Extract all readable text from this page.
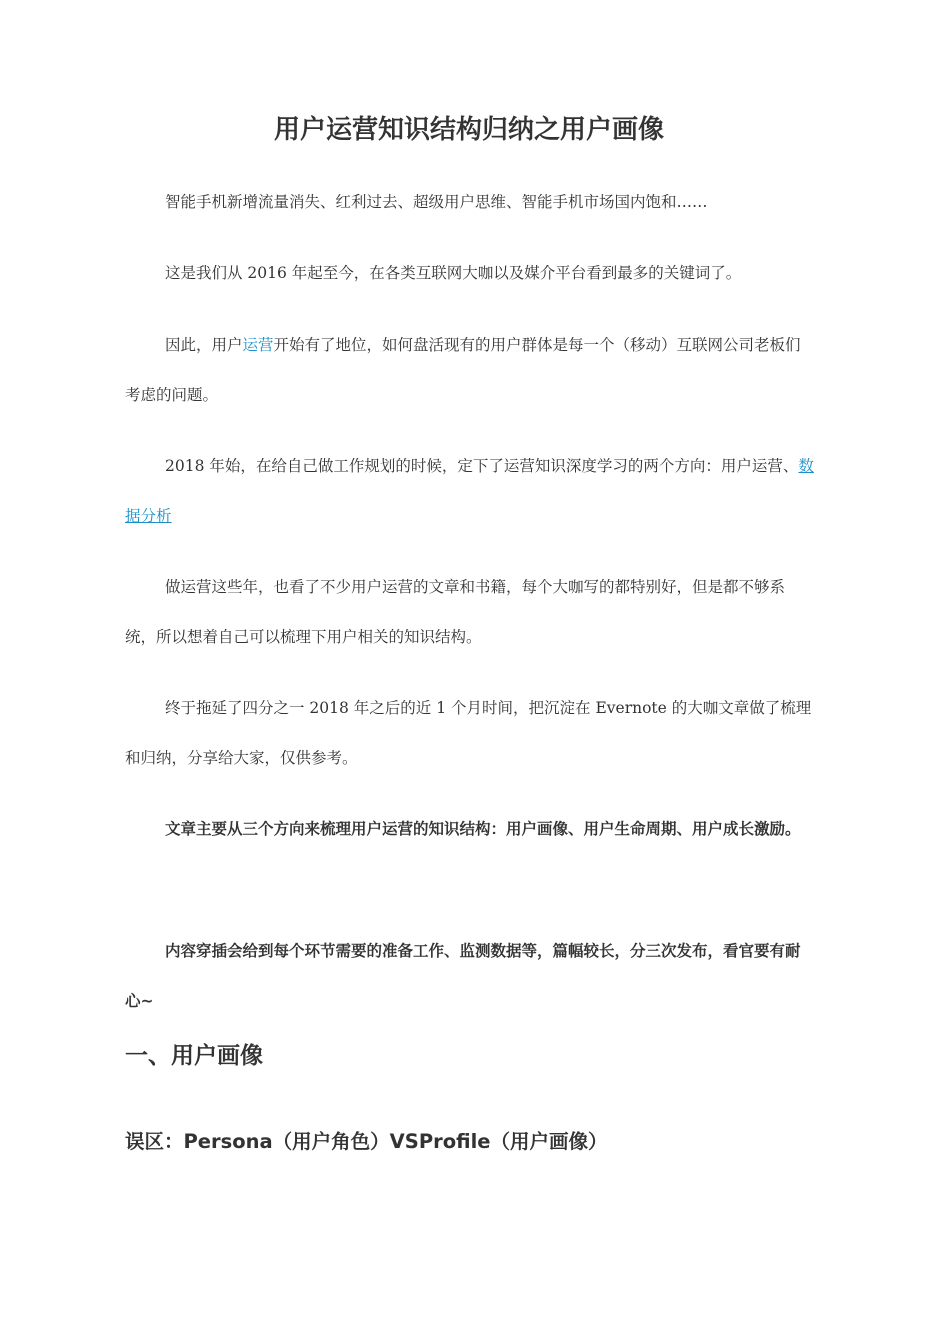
用户运营知识结构归纳之用户画像

智能手机新增流量消失、红利过去、超级用户思维、智能手机市场国内饱和……

这是我们从 2016 年起至今，在各类互联网大咖以及媒介平台看到最多的关键词了。

因此，用户运营开始有了地位，如何盘活现有的用户群体是每一个（移动）互联网公司老板们考虑的问题。

2018 年始，在给自己做工作规划的时候，定下了运营知识深度学习的两个方向：用户运营、数据分析

做运营这些年，也看了不少用户运营的文章和书籍，每个大咖写的都特别好，但是都不够系统，所以想着自己可以梳理下用户相关的知识结构。

终于拖延了四分之一 2018 年之后的近 1 个月时间，把沉淀在 Evernote 的大咖文章做了梳理和归纳，分享给大家，仅供参考。

文章主要从三个方向来梳理用户运营的知识结构：用户画像、用户生命周期、用户成长激励。

内容穿插会给到每个环节需要的准备工作、监测数据等，篇幅较长，分三次发布，看官要有耐心~

一、用户画像
误区：Persona（用户角色）VSProfile（用户画像）
